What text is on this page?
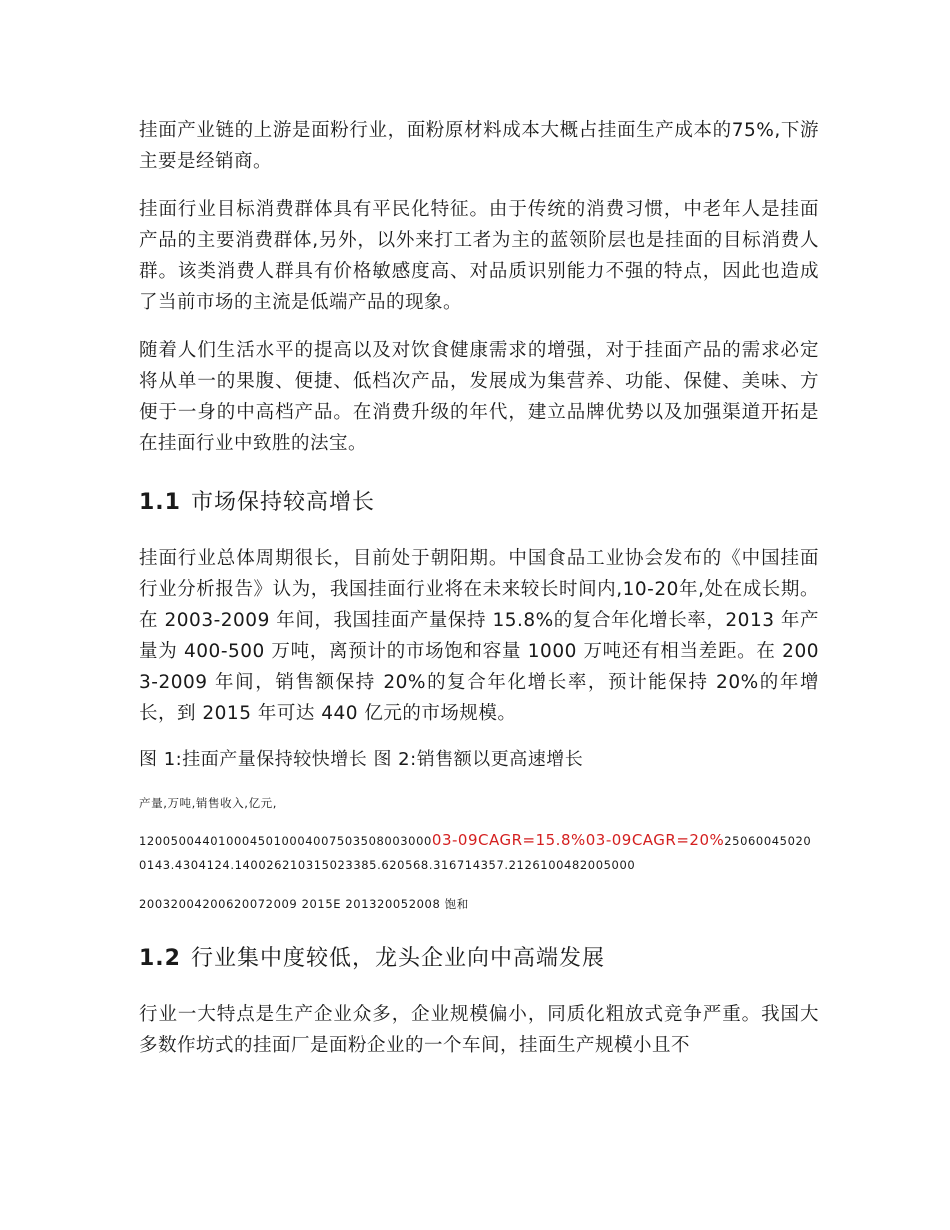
挂面产业链的上游是面粉行业，面粉原材料成本大概占挂面生产成本的75%,下游主要是经销商。

挂面行业目标消费群体具有平民化特征。由于传统的消费习惯，中老年人是挂面产品的主要消费群体,另外，以外来打工者为主的蓝领阶层也是挂面的目标消费人群。该类消费人群具有价格敏感度高、对品质识别能力不强的特点，因此也造成了当前市场的主流是低端产品的现象。

随着人们生活水平的提高以及对饮食健康需求的增强，对于挂面产品的需求必定将从单一的果腹、便捷、低档次产品，发展成为集营养、功能、保健、美味、方便于一身的中高档产品。在消费升级的年代，建立品牌优势以及加强渠道开拓是在挂面行业中致胜的法宝。

1.1 市场保持较高增长

挂面行业总体周期很长，目前处于朝阳期。中国食品工业协会发布的《中国挂面行业分析报告》认为，我国挂面行业将在未来较长时间内,10-20年,处在成长期。在 2003-2009 年间，我国挂面产量保持 15.8%的复合年化增长率，2013 年产量为 400-500 万吨，离预计的市场饱和容量 1000 万吨还有相当差距。在 2003-2009 年间，销售额保持 20%的复合年化增长率，预计能保持 20%的年增长，到 2015 年可达 440 亿元的市场规模。

图 1:挂面产量保持较快增长 图 2:销售额以更高速增长

产量,万吨,销售收入,亿元,

120050044010004501000400750350800300003-09CAGR=15.8%03-09CAGR=20%250600450200143.4304124.140026210315023385.620568.316714357.2126100482005000

20032004200620072009 2015E 201320052008 饱和

1.2 行业集中度较低，龙头企业向中高端发展

行业一大特点是生产企业众多，企业规模偏小，同质化粗放式竞争严重。我国大多数作坊式的挂面厂是面粉企业的一个车间，挂面生产规模小且不
